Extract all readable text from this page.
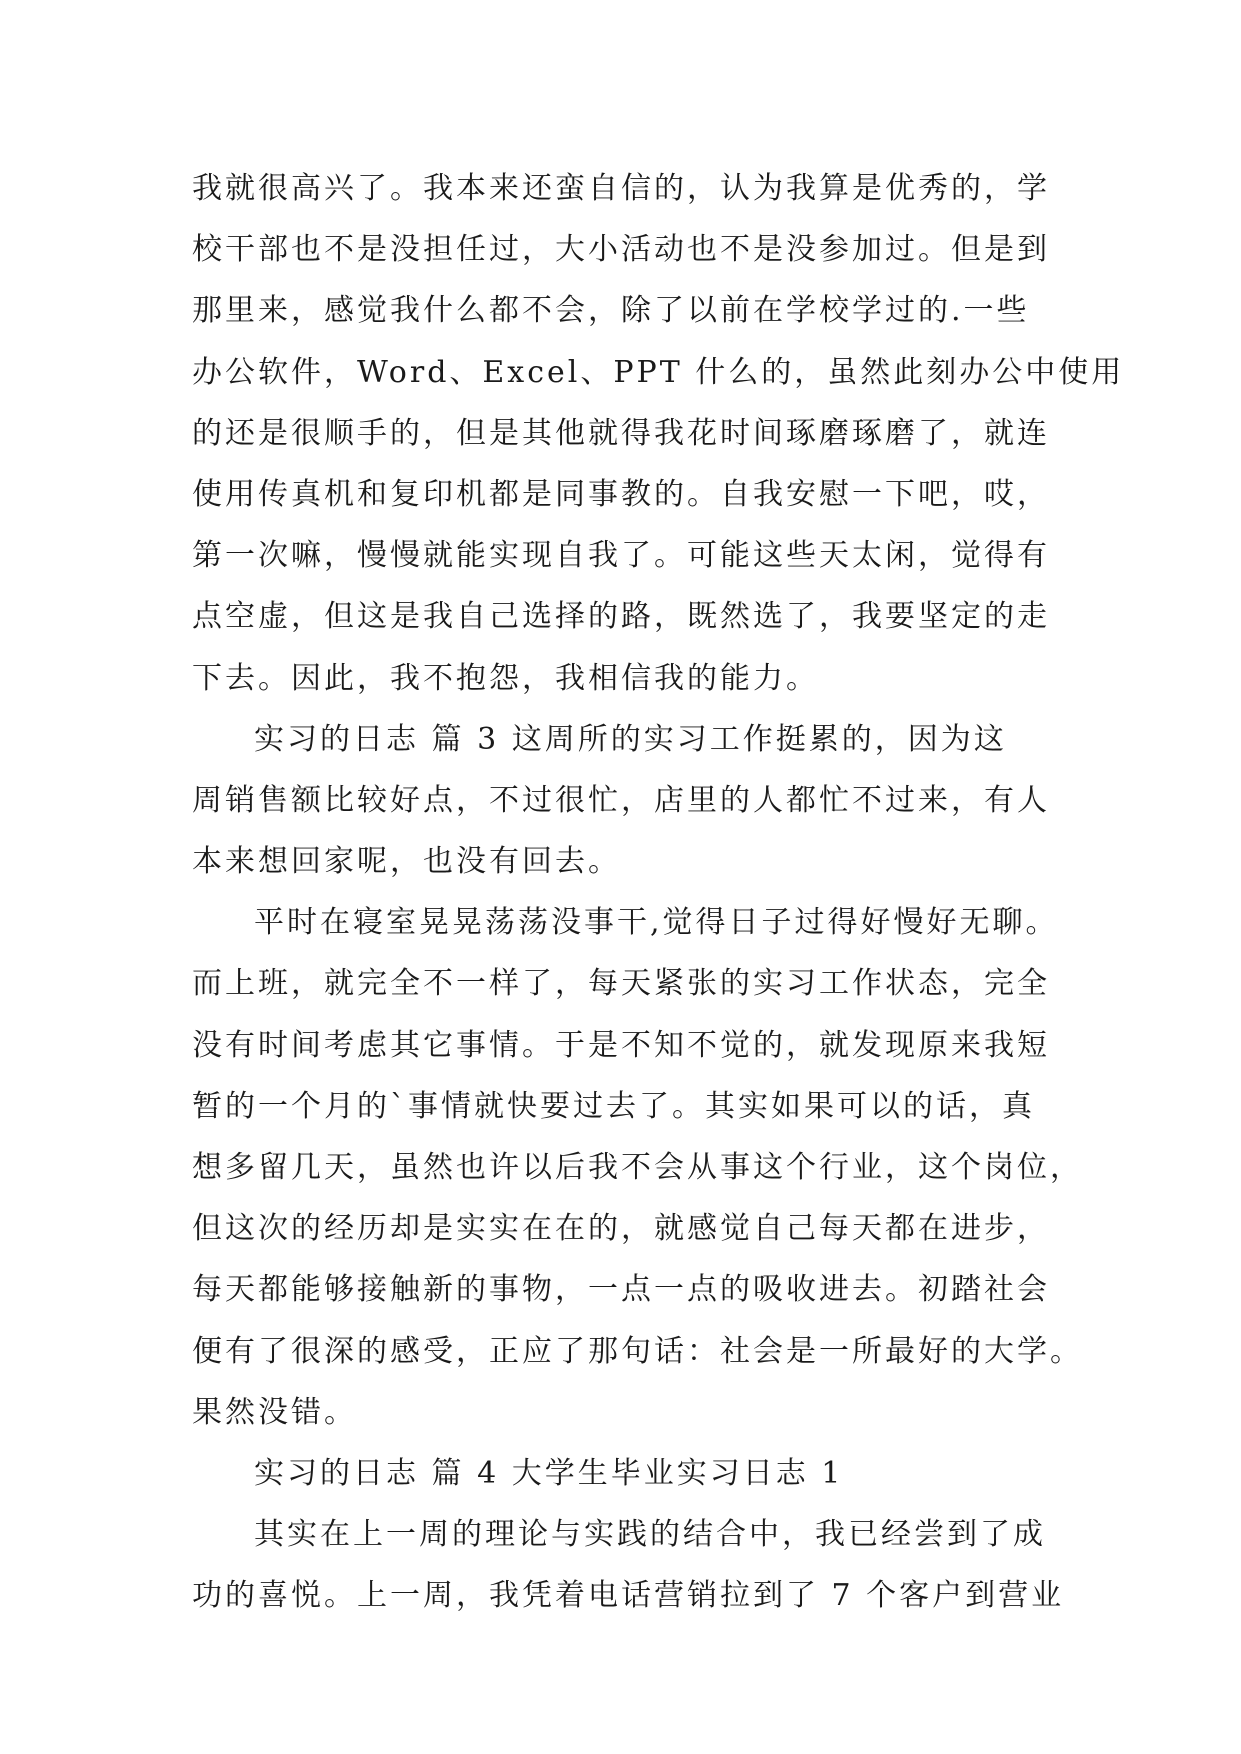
我就很高兴了。我本来还蛮自信的，认为我算是优秀的，学
校干部也不是没担任过，大小活动也不是没参加过。但是到
那里来，感觉我什么都不会，除了以前在学校学过的.一些
办公软件，Word、Excel、PPT 什么的，虽然此刻办公中使用
的还是很顺手的，但是其他就得我花时间琢磨琢磨了，就连
使用传真机和复印机都是同事教的。自我安慰一下吧，哎，
第一次嘛，慢慢就能实现自我了。可能这些天太闲，觉得有
点空虚，但这是我自己选择的路，既然选了，我要坚定的走
下去。因此，我不抱怨，我相信我的能力。
实习的日志 篇 3 这周所的实习工作挺累的，因为这
周销售额比较好点，不过很忙，店里的人都忙不过来，有人
本来想回家呢，也没有回去。
平时在寝室晃晃荡荡没事干,觉得日子过得好慢好无聊。
而上班，就完全不一样了，每天紧张的实习工作状态，完全
没有时间考虑其它事情。于是不知不觉的，就发现原来我短
暂的一个月的`事情就快要过去了。其实如果可以的话，真
想多留几天，虽然也许以后我不会从事这个行业，这个岗位，
但这次的经历却是实实在在的，就感觉自己每天都在进步，
每天都能够接触新的事物，一点一点的吸收进去。初踏社会
便有了很深的感受，正应了那句话：社会是一所最好的大学。
果然没错。
实习的日志 篇 4 大学生毕业实习日志 1
其实在上一周的理论与实践的结合中，我已经尝到了成
功的喜悦。上一周，我凭着电话营销拉到了 7 个客户到营业
